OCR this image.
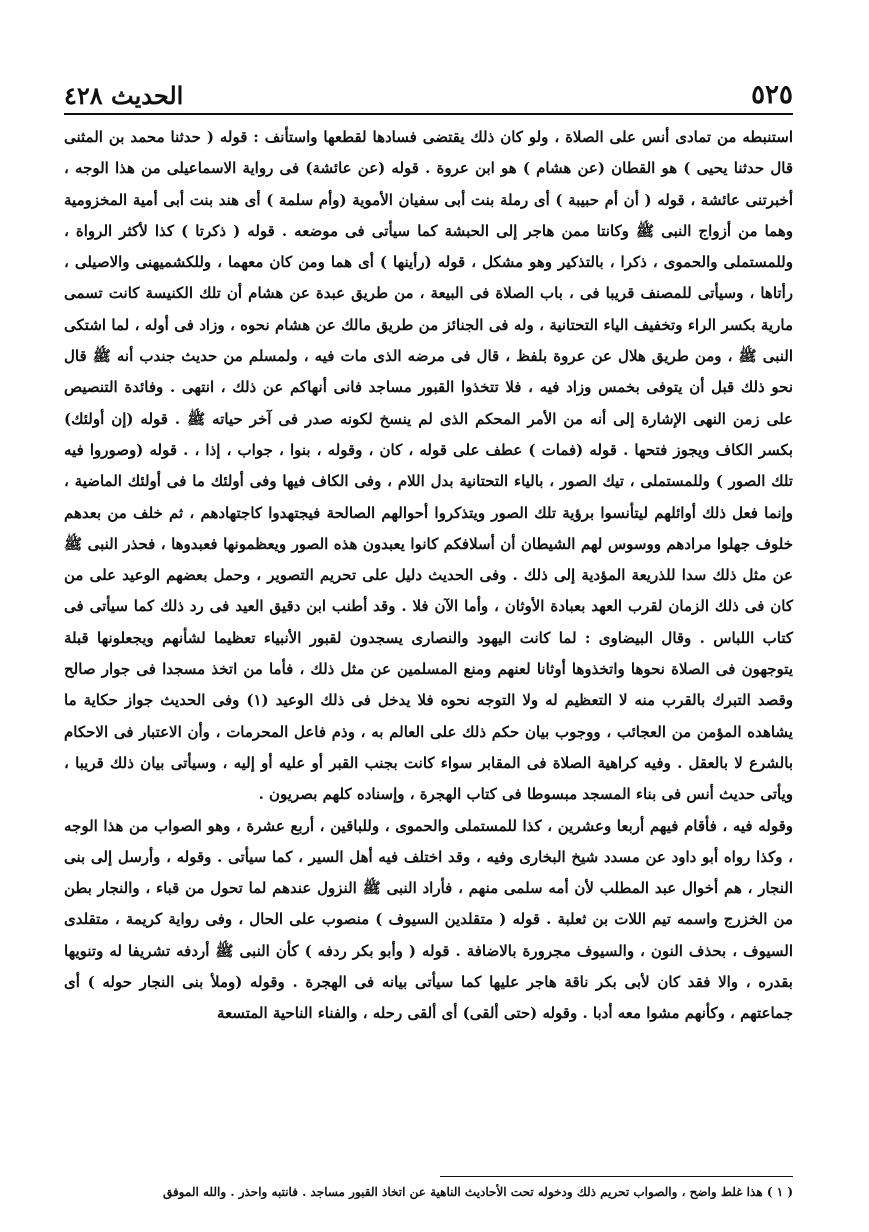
الحديث ٤٢٨	٥٢٥

استنبطه من تمادى أنس على الصلاة ، ولو كان ذلك يقتضى فسادها لقطعها واستأنف : قوله ( حدثنا محمد بن المثنى قال حدثنا يحيى ) هو القطان (عن هشام ) هو ابن عروة . قوله (عن عائشة) فى رواية الاسماعيلى من هذا الوجه ، أخبرتنى عائشة ، قوله ( أن أم حبيبة ) أى رملة بنت أبى سفيان الأموية (وأم سلمة ) أى هند بنت أبى أمية المخزومية وهما من أزواج النبى ﷺ وكانتا ممن هاجر إلى الحبشة كما سيأتى فى موضعه . قوله ( ذكرتا ) كذا لأكثر الرواة ، وللمستملى والحموى ، ذكرا ، بالتذكير وهو مشكل ، قوله (رأينها ) أى هما ومن كان معهما ، وللكشميهنى والاصيلى ، رأتاها ، وسيأتى للمصنف قريبا فى ، باب الصلاة فى البيعة ، من طريق عبدة عن هشام أن تلك الكنيسة كانت تسمى مارية بكسر الراء وتخفيف الياء التحتانية ، وله فى الجنائز من طريق مالك عن هشام نحوه ، وزاد فى أوله ، لما اشتكى النبى ﷺ ، ومن طريق هلال عن عروة بلفظ ، قال فى مرضه الذى مات فيه ، ولمسلم من حديث جندب أنه ﷺ قال نحو ذلك قبل أن يتوفى بخمس وزاد فيه ، فلا تتخذوا القبور مساجد فانى أنهاكم عن ذلك ، انتهى . وفائدة التنصيص على زمن النهى الإشارة إلى أنه من الأمر المحكم الذى لم ينسخ لكونه صدر فى آخر حياته ﷺ . قوله (إن أولئك) بكسر الكاف ويجوز فتحها . قوله (فمات ) عطف على قوله ، كان ، وقوله ، بنوا ، جواب ، إذا ، . قوله (وصوروا فيه تلك الصور ) وللمستملى ، تيك الصور ، بالياء التحتانية بدل اللام ، وفى الكاف فيها وفى أولئك ما فى أولئك الماضية ، وإنما فعل ذلك أوائلهم ليتأنسوا برؤية تلك الصور ويتذكروا أحوالهم الصالحة فيجتهدوا كاجتهادهم ، ثم خلف من بعدهم خلوف جهلوا مرادهم ووسوس لهم الشيطان أن أسلافكم كانوا يعبدون هذه الصور ويعظمونها فعبدوها ، فحذر النبى ﷺ عن مثل ذلك سدا للذريعة المؤدية إلى ذلك . وفى الحديث دليل على تحريم التصوير ، وحمل بعضهم الوعيد على من كان فى ذلك الزمان لقرب العهد بعبادة الأوثان ، وأما الآن فلا . وقد أطنب ابن دقيق العيد فى رد ذلك كما سيأتى فى كتاب اللباس . وقال البيضاوى : لما كانت اليهود والنصارى يسجدون لقبور الأنبياء تعظيما لشأنهم ويجعلونها قبلة يتوجهون فى الصلاة نحوها واتخذوها أوثانا لعنهم ومنع المسلمين عن مثل ذلك ، فأما من اتخذ مسجدا فى جوار صالح وقصد التبرك بالقرب منه لا التعظيم له ولا التوجه نحوه فلا يدخل فى ذلك الوعيد (١) وفى الحديث جواز حكاية ما يشاهده المؤمن من العجائب ، ووجوب بيان حكم ذلك على العالم به ، وذم فاعل المحرمات ، وأن الاعتبار فى الاحكام بالشرع لا بالعقل . وفيه كراهية الصلاة فى المقابر سواء كانت بجنب القبر أو عليه أو إليه ، وسيأتى بيان ذلك قريبا ، ويأتى حديث أنس فى بناء المسجد مبسوطا فى كتاب الهجرة ، وإسناده كلهم بصريون .

وقوله فيه ، فأقام فيهم أربعا وعشرين ، كذا للمستملى والحموى ، وللباقين ، أربع عشرة ، وهو الصواب من هذا الوجه ، وكذا رواه أبو داود عن مسدد شيخ البخارى وفيه ، وقد اختلف فيه أهل السير ، كما سيأتى . وقوله ، وأرسل إلى بنى النجار ، هم أخوال عبد المطلب لأن أمه سلمى منهم ، فأراد النبى ﷺ النزول عندهم لما تحول من قباء ، والنجار بطن من الخزرج واسمه تيم اللات بن ثعلبة . قوله ( متقلدين السيوف ) منصوب على الحال ، وفى رواية كريمة ، متقلدى السيوف ، بحذف النون ، والسيوف مجرورة بالاضافة . قوله ( وأبو بكر ردفه ) كأن النبى ﷺ أردفه تشريفا له وتنويها بقدره ، والا فقد كان لأبى بكر ناقة هاجر عليها كما سيأتى بيانه فى الهجرة . وقوله (وملأ بنى النجار حوله ) أى جماعتهم ، وكأنهم مشوا معه أدبا . وقوله (حتى ألقى) أى ألقى رحله ، والفناء الناحية المتسعة

( ١ ) هذا غلط واضح ، والصواب تحريم ذلك ودخوله تحت الأحاديث الناهية عن اتخاذ القبور مساجد . فانتبه واحذر . والله الموفق
